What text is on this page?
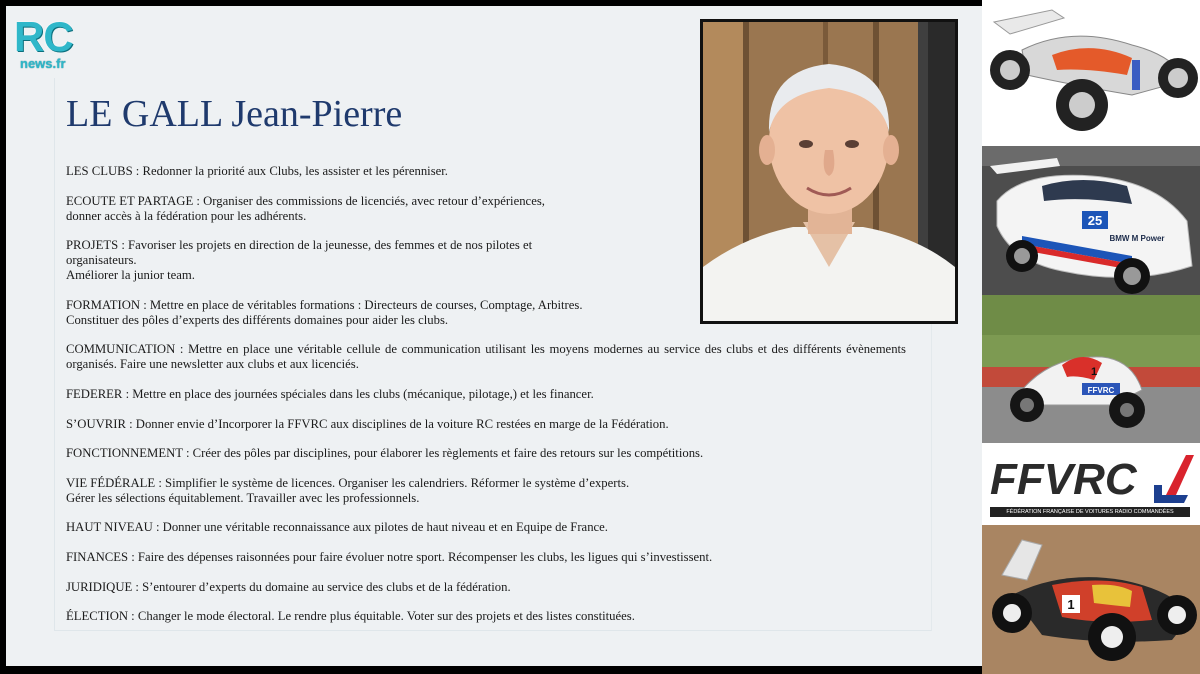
RC
news.fr
LE GALL Jean-Pierre
LES CLUBS : Redonner la priorité aux Clubs, les assister et les pérenniser.
ECOUTE ET PARTAGE : Organiser des commissions de licenciés, avec retour d’expériences,
donner accès à la fédération pour les adhérents.
PROJETS : Favoriser les projets en direction de la jeunesse, des femmes et de nos pilotes et
organisateurs.
Améliorer la junior team.
FORMATION : Mettre en place de véritables formations : Directeurs de courses, Comptage, Arbitres.
Constituer des pôles d’experts des différents domaines pour aider les clubs.
COMMUNICATION : Mettre en place une véritable cellule de communication utilisant les moyens modernes au service des clubs et des différents évènements organisés. Faire une newsletter aux clubs et aux licenciés.
FEDERER : Mettre en place des journées spéciales dans les clubs (mécanique, pilotage,) et les financer.
S’OUVRIR : Donner envie d’Incorporer la FFVRC aux disciplines de la voiture RC restées en marge de la Fédération.
FONCTIONNEMENT : Créer des pôles par disciplines, pour élaborer les règlements et faire des retours sur les compétitions.
VIE FÉDÉRALE : Simplifier le système de licences. Organiser les calendriers. Réformer le système d’experts.
Gérer les sélections équitablement. Travailler avec les professionnels.
HAUT NIVEAU : Donner une véritable reconnaissance aux pilotes de haut niveau et en Equipe de France.
FINANCES : Faire des dépenses raisonnées pour faire évoluer notre sport. Récompenser les clubs, les ligues qui s’investissent.
JURIDIQUE : S’entourer d’experts du domaine au service des clubs et de la fédération.
ÉLECTION : Changer le mode électoral. Le rendre plus équitable. Voter sur des projets et des listes constituées.
25
BMW M Power
FFVRC
1
FFVRC
FÉDÉRATION FRANÇAISE DE VOITURES RADIO COMMANDÉES
1
